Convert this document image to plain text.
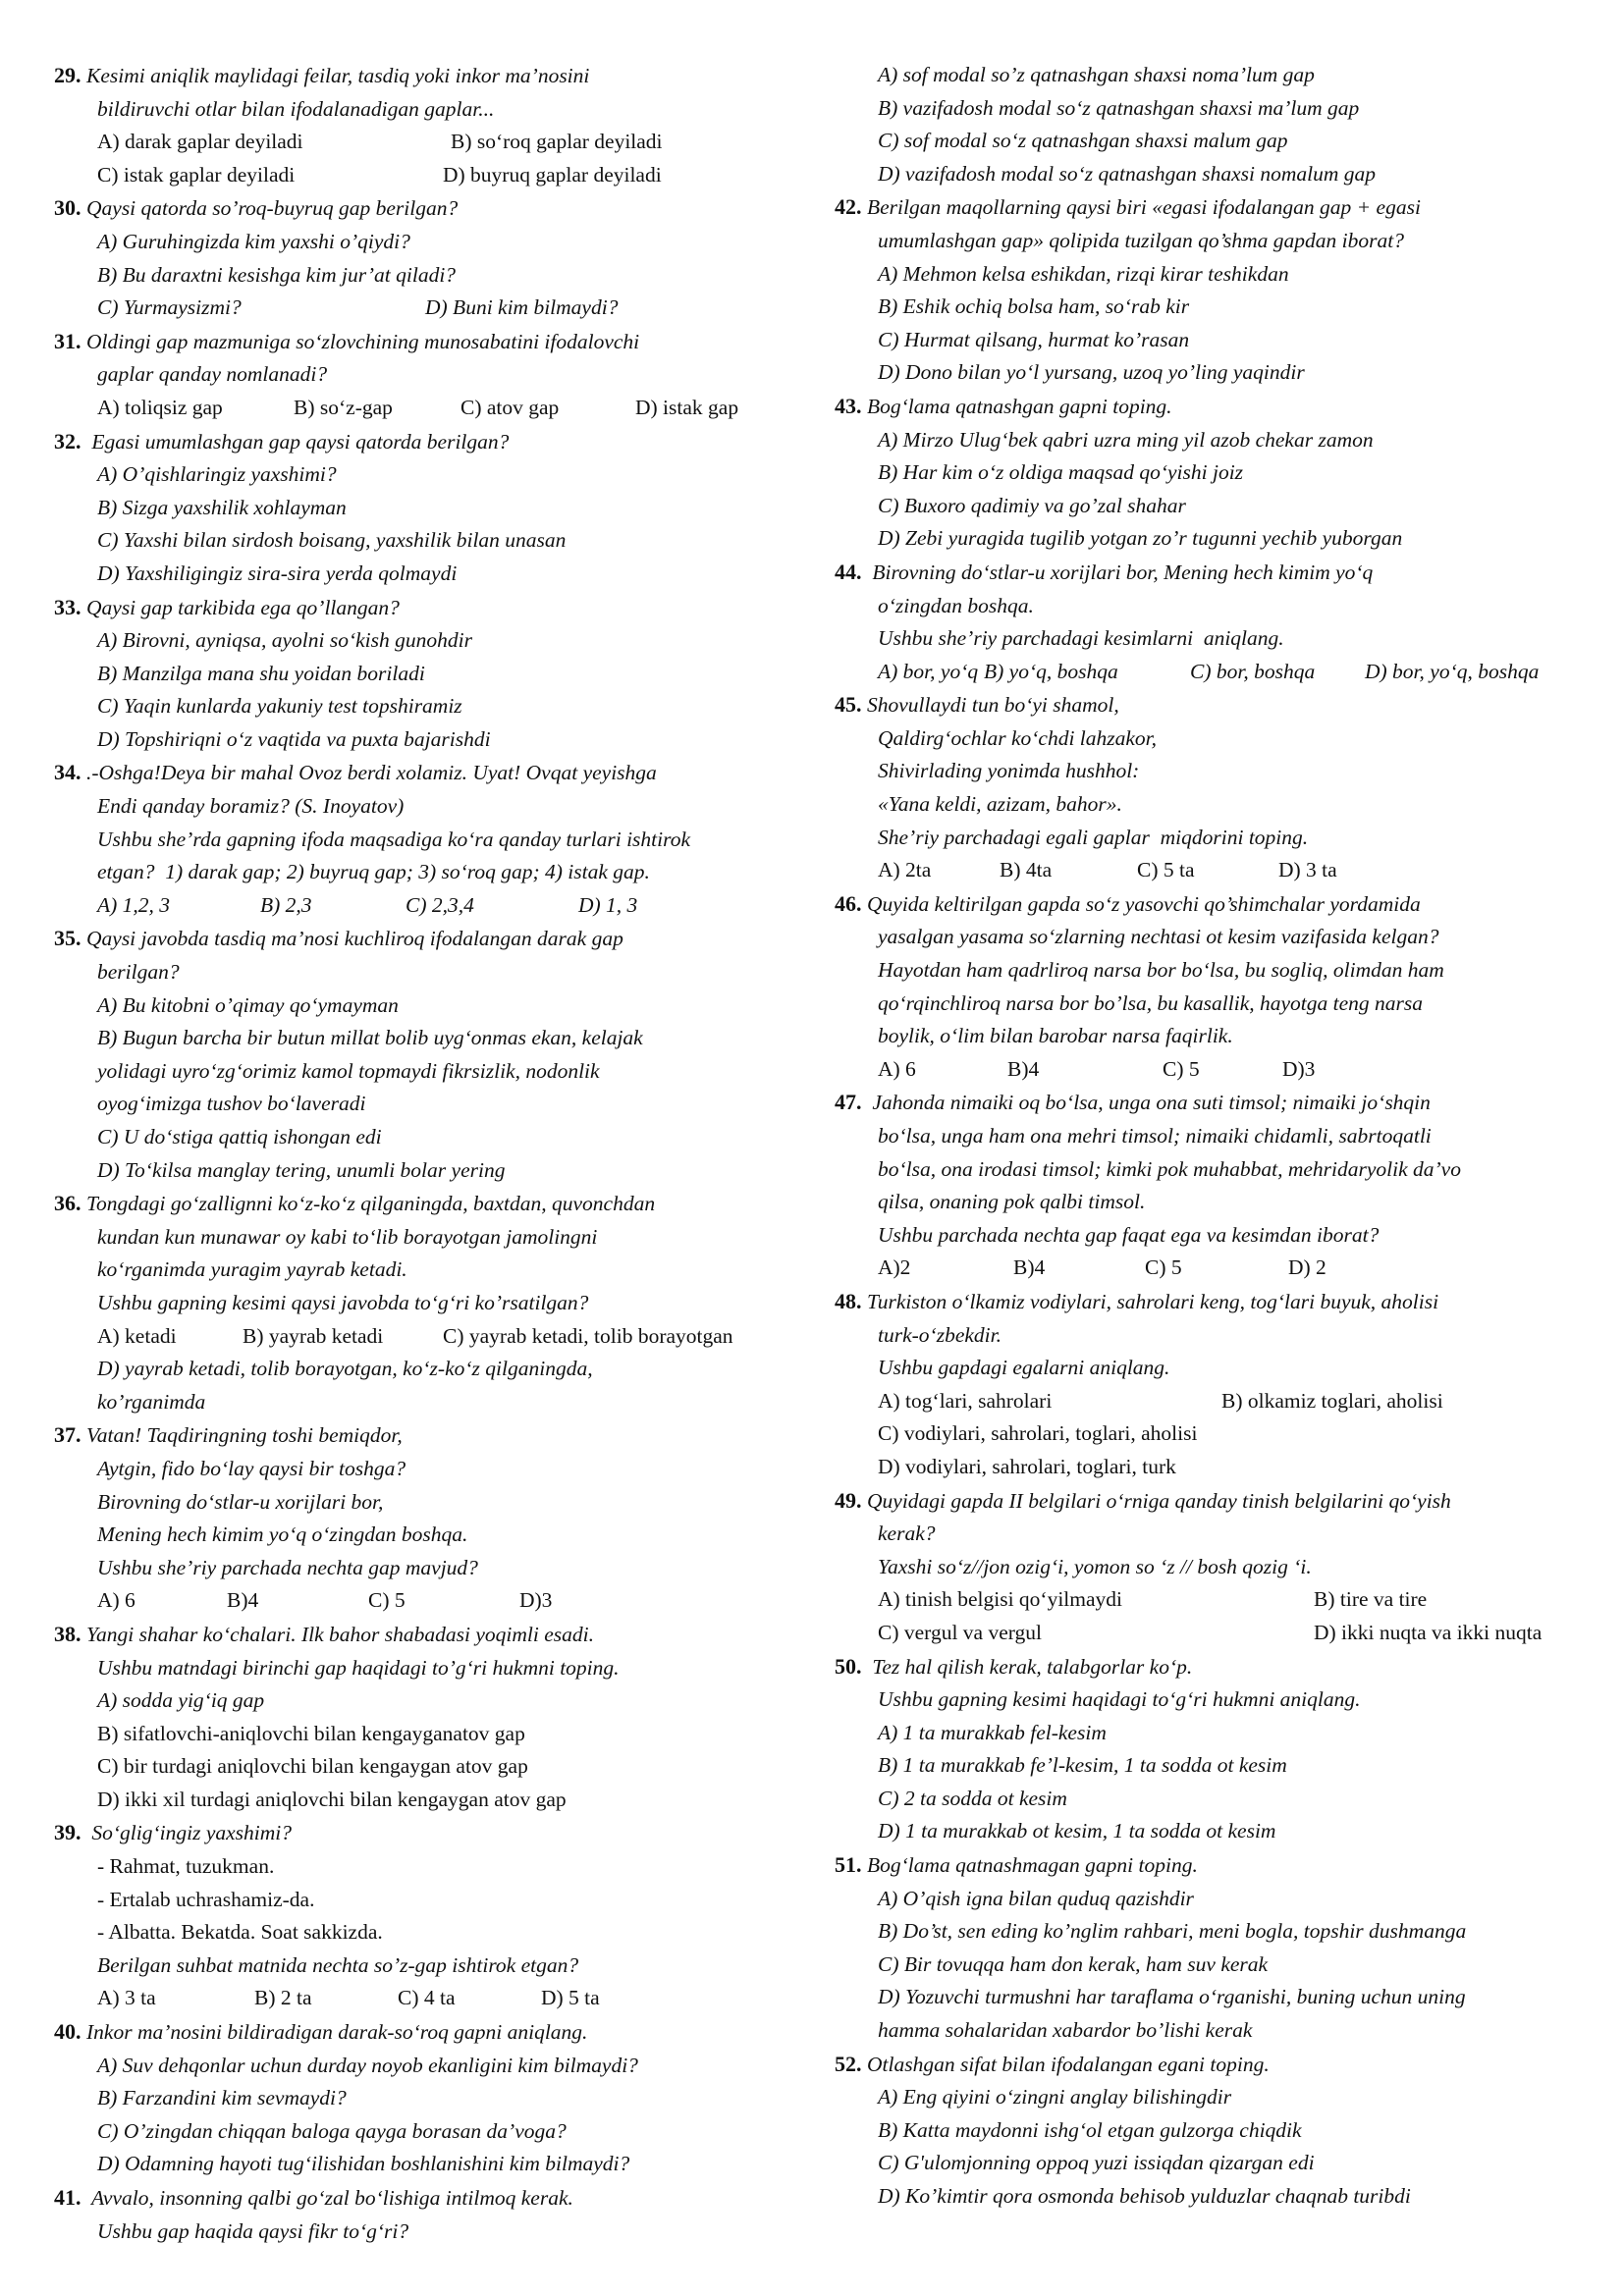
29. Kesimi aniqlik maylidagi feilar, tasdiq yoki inkor ma’nosini
bildiruvchi otlar bilan ifodalanadigan gaplar...
A) darak gaplar deyiladi	B) so‘roq gaplar deyiladi
C) istak gaplar deyiladi	D) buyruq gaplar deyiladi
30. Qaysi qatorda so’roq-buyruq gap berilgan?
A) Guruhingizda kim yaxshi o’qiydi?
B) Bu daraxtni kesishga kim jur’at qiladi?
C) Yurmaysizmi?	D) Buni kim bilmaydi?
31. Oldingi gap mazmuniga so‘zlovchining munosabatini ifodalovchi
gaplar qanday nomlanadi?
A) toliqsiz gap	B) so‘z-gap	C) atov gap	D) istak gap
32.  Egasi umumlashgan gap qaysi qatorda berilgan?
A) O’qishlaringiz yaxshimi?
B) Sizga yaxshilik xohlayman
C) Yaxshi bilan sirdosh boisang, yaxshilik bilan unasan
D) Yaxshiligingiz sira-sira yerda qolmaydi
33. Qaysi gap tarkibida ega qo’llangan?
A) Birovni, ayniqsa, ayolni so‘kish gunohdir
B) Manzilga mana shu yoidan boriladi
C) Yaqin kunlarda yakuniy test topshiramiz
D) Topshiriqni o‘z vaqtida va puxta bajarishdi
34. .-Oshga!Deya bir mahal Ovoz berdi xolamiz. Uyat! Ovqat yeyishga
Endi qanday boramiz? (S. Inoyatov)
Ushbu she’rda gapning ifoda maqsadiga ko‘ra qanday turlari ishtirok
etgan?  1) darak gap; 2) buyruq gap; 3) so‘roq gap; 4) istak gap.
A) 1,2, 3	B) 2,3	C) 2,3,4	D) 1, 3
35. Qaysi javobda tasdiq ma’nosi kuchliroq ifodalangan darak gap
berilgan?
A) Bu kitobni o’qimay qo‘ymayman
B) Bugun barcha bir butun millat bolib uyg‘onmas ekan, kelajak
yolidagi uyro‘zg‘orimiz kamol topmaydi fikrsizlik, nodonlik
oyog‘imizga tushov bo‘laveradi
C) U do‘stiga qattiq ishongan edi
D) To‘kilsa manglay tering, unumli bolar yering
36. Tongdagi go‘zallignni ko‘z-ko‘z qilganingda, baxtdan, quvonchdan
kundan kun munawar oy kabi to‘lib borayotgan jamolingni
ko‘rganimda yuragim yayrab ketadi.
Ushbu gapning kesimi qaysi javobda to‘g‘ri ko’rsatilgan?
A) ketadi	B) yayrab ketadi	C) yayrab ketadi, tolib borayotgan
D) yayrab ketadi, tolib borayotgan, ko‘z-ko‘z qilganingda,
ko’rganimda
37. Vatan! Taqdiringning toshi bemiqdor,
Aytgin, fido bo‘lay qaysi bir toshga?
Birovning do‘stlar-u xorijlari bor,
Mening hech kimim yo‘q o‘zingdan boshqa.
Ushbu she’riy parchada nechta gap mavjud?
A) 6	B)4	C) 5	D)3
38. Yangi shahar ko‘chalari. Ilk bahor shabadasi yoqimli esadi.
Ushbu matndagi birinchi gap haqidagi to’g‘ri hukmni toping.
A) sodda yig‘iq gap
B) sifatlovchi-aniqlovchi bilan kengayganatov gap
C) bir turdagi aniqlovchi bilan kengaygan atov gap
D) ikki xil turdagi aniqlovchi bilan kengaygan atov gap
39.  So‘glig‘ingiz yaxshimi?
- Rahmat, tuzukman.
- Ertalab uchrashamiz-da.
- Albatta. Bekatda. Soat sakkizda.
Berilgan suhbat matnida nechta so’z-gap ishtirok etgan?
A) 3 ta	B) 2 ta	C) 4 ta	D) 5 ta
40. Inkor ma’nosini bildiradigan darak-so‘roq gapni aniqlang.
A) Suv dehqonlar uchun durday noyob ekanligini kim bilmaydi?
B) Farzandini kim sevmaydi?
C) O’zingdan chiqqan baloga qayga borasan da’voga?
D) Odamning hayoti tug‘ilishidan boshlanishini kim bilmaydi?
41.  Avvalo, insonning qalbi go‘zal bo‘lishiga intilmoq kerak.
Ushbu gap haqida qaysi fikr to‘g‘ri?
A) sof modal so’z qatnashgan shaxsi noma’lum gap
B) vazifadosh modal so‘z qatnashgan shaxsi ma’lum gap
C) sof modal so‘z qatnashgan shaxsi malum gap
D) vazifadosh modal so‘z qatnashgan shaxsi nomalum gap
42. Berilgan maqollarning qaysi biri «egasi ifodalangan gap + egasi
umumlashgan gap» qolipida tuzilgan qo’shma gapdan iborat?
A) Mehmon kelsa eshikdan, rizqi kirar teshikdan
B) Eshik ochiq bolsa ham, so‘rab kir
C) Hurmat qilsang, hurmat ko’rasan
D) Dono bilan yo‘l yursang, uzoq yo’ling yaqindir
43. Bog‘lama qatnashgan gapni toping.
A) Mirzo Ulug‘bek qabri uzra ming yil azob chekar zamon
B) Har kim o‘z oldiga maqsad qo‘yishi joiz
C) Buxoro qadimiy va go’zal shahar
D) Zebi yuragida tugilib yotgan zo’r tugunni yechib yuborgan
44.  Birovning do‘stlar-u xorijlari bor, Mening hech kimim yo‘q
o‘zingdan boshqa.
Ushbu she’riy parchadagi kesimlarni  aniqlang.
A) bor, yo‘q B) yo‘q, boshqa	C) bor, boshqa D) bor, yo‘q, boshqa
45. Shovullaydi tun bo‘yi shamol,
Qaldirg‘ochlar ko‘chdi lahzakor,
Shivirlading yonimda hushhol:
«Yana keldi, azizam, bahor».
She’riy parchadagi egali gaplar  miqdorini toping.
A) 2ta	B) 4ta	C) 5 ta	D) 3 ta
46. Quyida keltirilgan gapda so‘z yasovchi qo’shimchalar yordamida
yasalgan yasama so‘zlarning nechtasi ot kesim vazifasida kelgan?
Hayotdan ham qadrliroq narsa bor bo‘lsa, bu sogliq, olimdan ham
qo‘rqinchliroq narsa bor bo’lsa, bu kasallik, hayotga teng narsa
boylik, o‘lim bilan barobar narsa faqirlik.
A) 6	B)4	C) 5	D)3
47.  Jahonda nimaiki oq bo‘lsa, unga ona suti timsol; nimaiki jo‘shqin
bo‘lsa, unga ham ona mehri timsol; nimaiki chidamli, sabrtoqatli
bo‘lsa, ona irodasi timsol; kimki pok muhabbat, mehridaryolik da’vo
qilsa, onaning pok qalbi timsol.
Ushbu parchada nechta gap faqat ega va kesimdan iborat?
A)2	B)4	C) 5	D) 2
48. Turkiston o‘lkamiz vodiylari, sahrolari keng, tog‘lari buyuk, aholisi
turk-o‘zbekdir.
Ushbu gapdagi egalarni aniqlang.
A) tog‘lari, sahrolari	B) olkamiz toglari, aholisi
C) vodiylari, sahrolari, toglari, aholisi
D) vodiylari, sahrolari, toglari, turk
49. Quyidagi gapda II belgilari o‘rniga qanday tinish belgilarini qo‘yish
kerak?
Yaxshi so‘z//jon ozig‘i, yomon so ‘z // bosh qozig ‘i.
A) tinish belgisi qo‘yilmaydi	B) tire va tire
C) vergul va vergul	D) ikki nuqta va ikki nuqta
50.  Tez hal qilish kerak, talabgorlar ko‘p.
Ushbu gapning kesimi haqidagi to‘g‘ri hukmni aniqlang.
A) 1 ta murakkab fel-kesim
B) 1 ta murakkab fe’l-kesim, 1 ta sodda ot kesim
C) 2 ta sodda ot kesim
D) 1 ta murakkab ot kesim, 1 ta sodda ot kesim
51. Bog‘lama qatnashmagan gapni toping.
A) O’qish igna bilan quduq qazishdir
B) Do’st, sen eding ko’nglim rahbari, meni bogla, topshir dushmanga
C) Bir tovuqqa ham don kerak, ham suv kerak
D) Yozuvchi turmushni har taraflama o‘rganishi, buning uchun uning
hamma sohalaridan xabardor bo’lishi kerak
52. Otlashgan sifat bilan ifodalangan egani toping.
A) Eng qiyini o‘zingni anglay bilishingdir
B) Katta maydonni ishg‘ol etgan gulzorga chiqdik
C) G'ulomjonning oppoq yuzi issiqdan qizargan edi
D) Ko’kimtir qora osmonda behisob yulduzlar chaqnab turibdi
